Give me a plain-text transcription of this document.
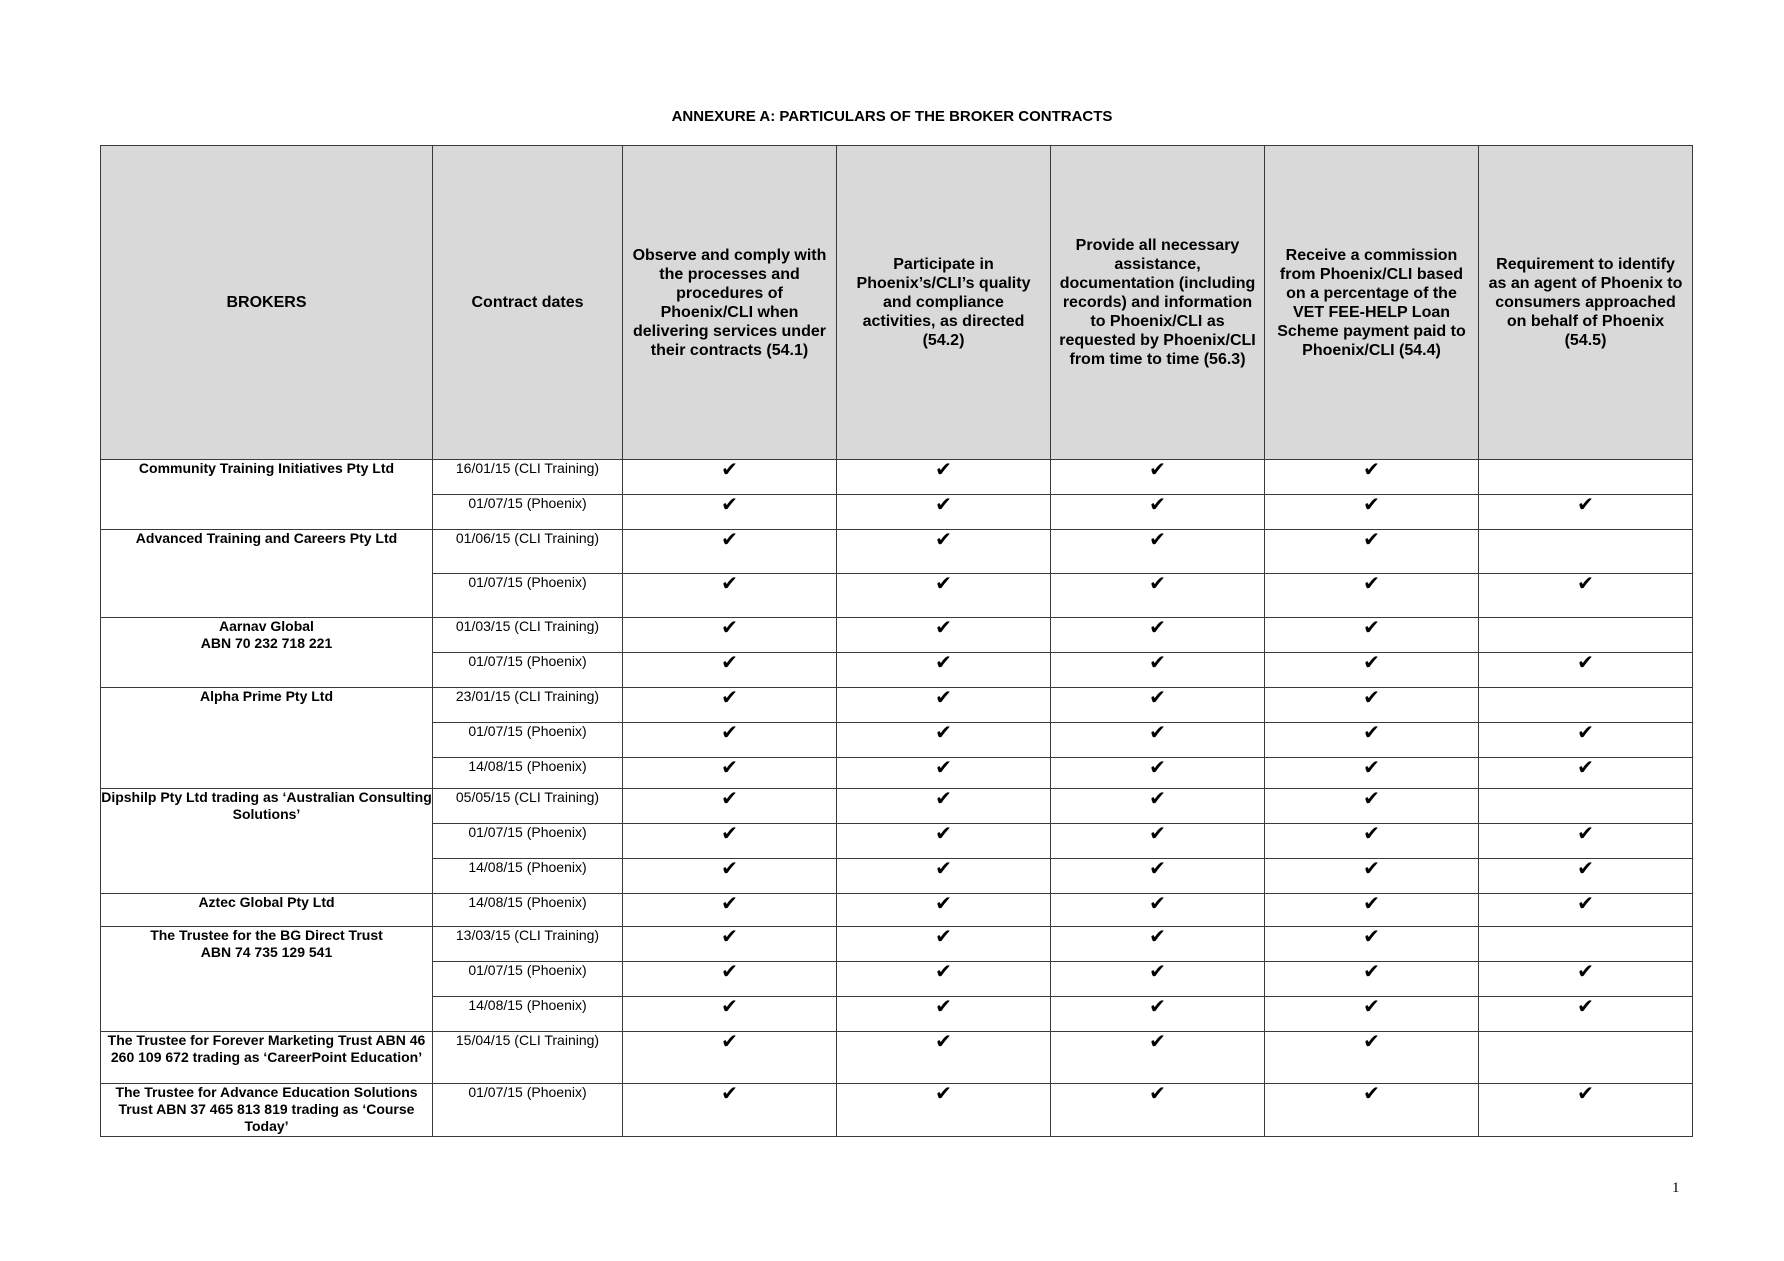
ANNEXURE A: PARTICULARS OF THE BROKER CONTRACTS
BROKERS	Contract dates	Observe and comply with the processes and procedures of Phoenix/CLI when delivering services under their contracts (54.1)	Participate in Phoenix’s/CLI’s quality and compliance activities, as directed (54.2)	Provide all necessary assistance, documentation (including records) and information to Phoenix/CLI as requested by Phoenix/CLI from time to time (56.3)	Receive a commission from Phoenix/CLI based on a percentage of the VET FEE-HELP Loan Scheme payment paid to Phoenix/CLI (54.4)	Requirement to identify as an agent of Phoenix to consumers approached on behalf of Phoenix (54.5)
Community Training Initiatives Pty Ltd	16/01/15 (CLI Training)	✔	✔	✔	✔	
	01/07/15 (Phoenix)	✔	✔	✔	✔	✔
Advanced Training and Careers Pty Ltd	01/06/15 (CLI Training)	✔	✔	✔	✔	
	01/07/15 (Phoenix)	✔	✔	✔	✔	✔
Aarnav Global
ABN 70 232 718 221	01/03/15 (CLI Training)	✔	✔	✔	✔	
	01/07/15 (Phoenix)	✔	✔	✔	✔	✔
Alpha Prime Pty Ltd	23/01/15 (CLI Training)	✔	✔	✔	✔	
	01/07/15 (Phoenix)	✔	✔	✔	✔	✔
	14/08/15 (Phoenix)	✔	✔	✔	✔	✔
Dipshilp Pty Ltd trading as ‘Australian Consulting Solutions’	05/05/15 (CLI Training)	✔	✔	✔	✔	
	01/07/15 (Phoenix)	✔	✔	✔	✔	✔
	14/08/15 (Phoenix)	✔	✔	✔	✔	✔
Aztec Global Pty Ltd	14/08/15 (Phoenix)	✔	✔	✔	✔	✔
The Trustee for the BG Direct Trust
ABN 74 735 129 541	13/03/15 (CLI Training)	✔	✔	✔	✔	
	01/07/15 (Phoenix)	✔	✔	✔	✔	✔
	14/08/15 (Phoenix)	✔	✔	✔	✔	✔
The Trustee for Forever Marketing Trust ABN 46 260 109 672 trading as ‘CareerPoint Education’	15/04/15 (CLI Training)	✔	✔	✔	✔	
The Trustee for Advance Education Solutions Trust ABN 37 465 813 819 trading as ‘Course Today’	01/07/15 (Phoenix)	✔	✔	✔	✔	✔
1
